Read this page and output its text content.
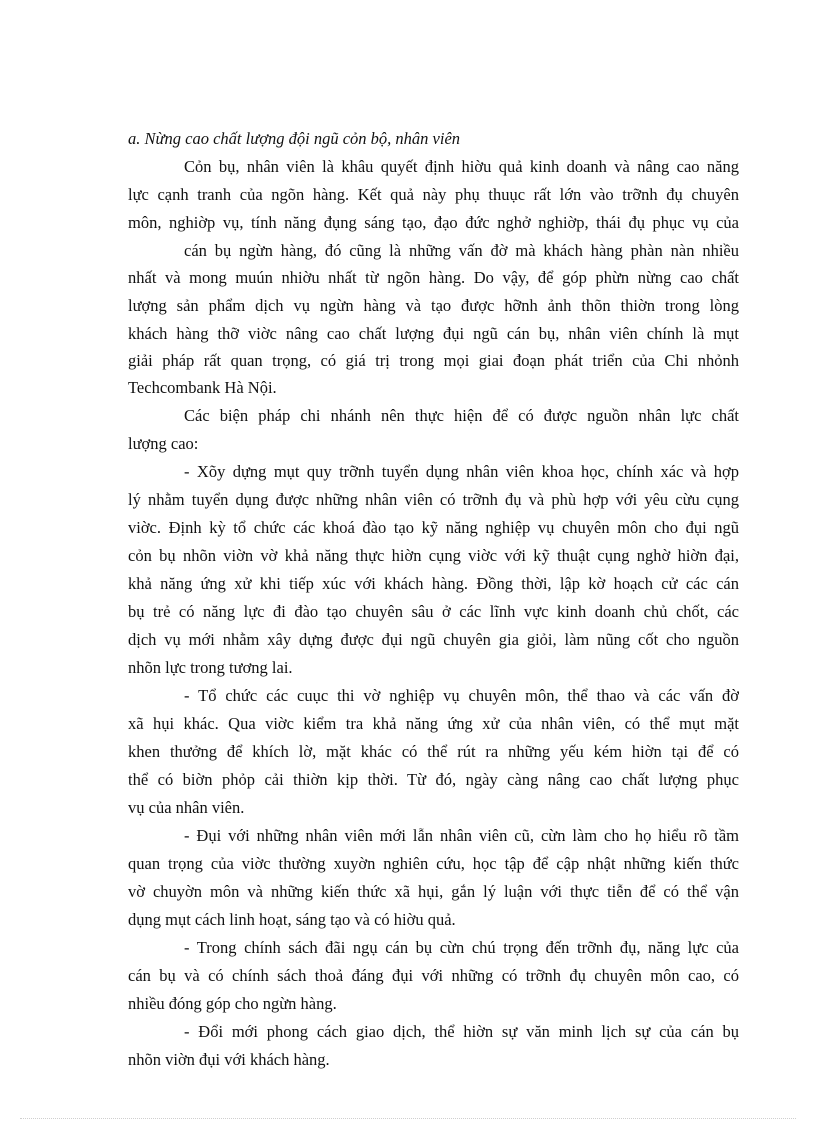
a. Nừng cao chất lượng đội ngũ cỏn bộ, nhân viên
Cỏn bụ, nhân viên là khâu quyết định hiờu quả kinh doanh và nâng cao năng
lực cạnh tranh của ngõn hàng. Kết quả này phụ thuục rất lớn vào trỡnh đụ chuyên
môn, nghiờp vụ, tính năng đụng sáng tạo, đạo đức nghở nghiờp, thái đụ phục vụ của
cán bụ ngừn hàng, đó cũng là những vấn đờ mà khách hàng phàn nàn nhiều
nhất và mong muún nhiờu nhất từ ngõn hàng. Do vậy, để góp phừn nừng cao chất
lượng sản phẩm dịch vụ ngừn hàng và tạo được hỡnh ảnh thõn thiờn trong lòng
khách hàng thỡ viờc nâng cao chất lượng đụi ngũ cán bụ, nhân viên chính là mụt
giải pháp rất quan trọng, có giá trị trong mọi giai đoạn phát triển của Chi nhỏnh
Techcombank Hà Nội.
Các biện pháp chi nhánh nên thực hiện để có được nguồn nhân lực chất
lượng cao:
- Xõy dựng mụt quy trỡnh tuyển dụng nhân viên khoa học, chính xác và hợp
lý nhằm tuyển dụng được những nhân viên có trỡnh đụ và phù hợp với yêu cừu cụng
viờc. Định kỳ tổ chức các khoá đào tạo kỹ năng nghiệp vụ chuyên môn cho đụi ngũ
cỏn bụ nhõn viờn vờ khả năng thực hiờn cụng viờc với kỹ thuật cụng nghờ hiờn đại,
khả năng ứng xử khi tiếp xúc với khách hàng. Đồng thời, lập kờ hoạch cử các cán
bụ trẻ có năng lực đi đào tạo chuyên sâu ở các lĩnh vực kinh doanh chủ chốt, các
dịch vụ mới nhằm xây dựng được đụi ngũ chuyên gia giỏi, làm nũng cốt cho nguồn
nhõn lực trong tương lai.
- Tổ chức các cuục thi vờ nghiệp vụ chuyên môn, thể thao và các vấn đờ
xã hụi khác. Qua viờc kiểm tra khả năng ứng xử của nhân viên, có thể mụt mặt
khen thưởng để khích lờ, mặt khác có thể rút ra những yếu kém hiờn tại để có
thể có biờn phỏp cải thiờn kịp thời. Từ đó, ngày càng nâng cao chất lượng phục
vụ của nhân viên.
- Đụi với những nhân viên mới lẫn nhân viên cũ, cừn làm cho họ hiểu rõ tầm
quan trọng của viờc thường xuyờn nghiên cứu, học tập để cập nhật những kiến thức
vờ chuyờn môn và những kiến thức xã hụi, gắn lý luận với thực tiễn để có thể vận
dụng mụt cách linh hoạt, sáng tạo và có hiờu quả.
- Trong chính sách đãi ngụ cán bụ cừn chú trọng đến trỡnh đụ, năng lực của
cán bụ và có chính sách thoả đáng đụi với những có trỡnh đụ chuyên môn cao, có
nhiều đóng góp cho ngừn hàng.
- Đổi mới phong cách giao dịch, thể hiờn sự văn minh lịch sự của cán bụ
nhõn viờn đụi với khách hàng.
